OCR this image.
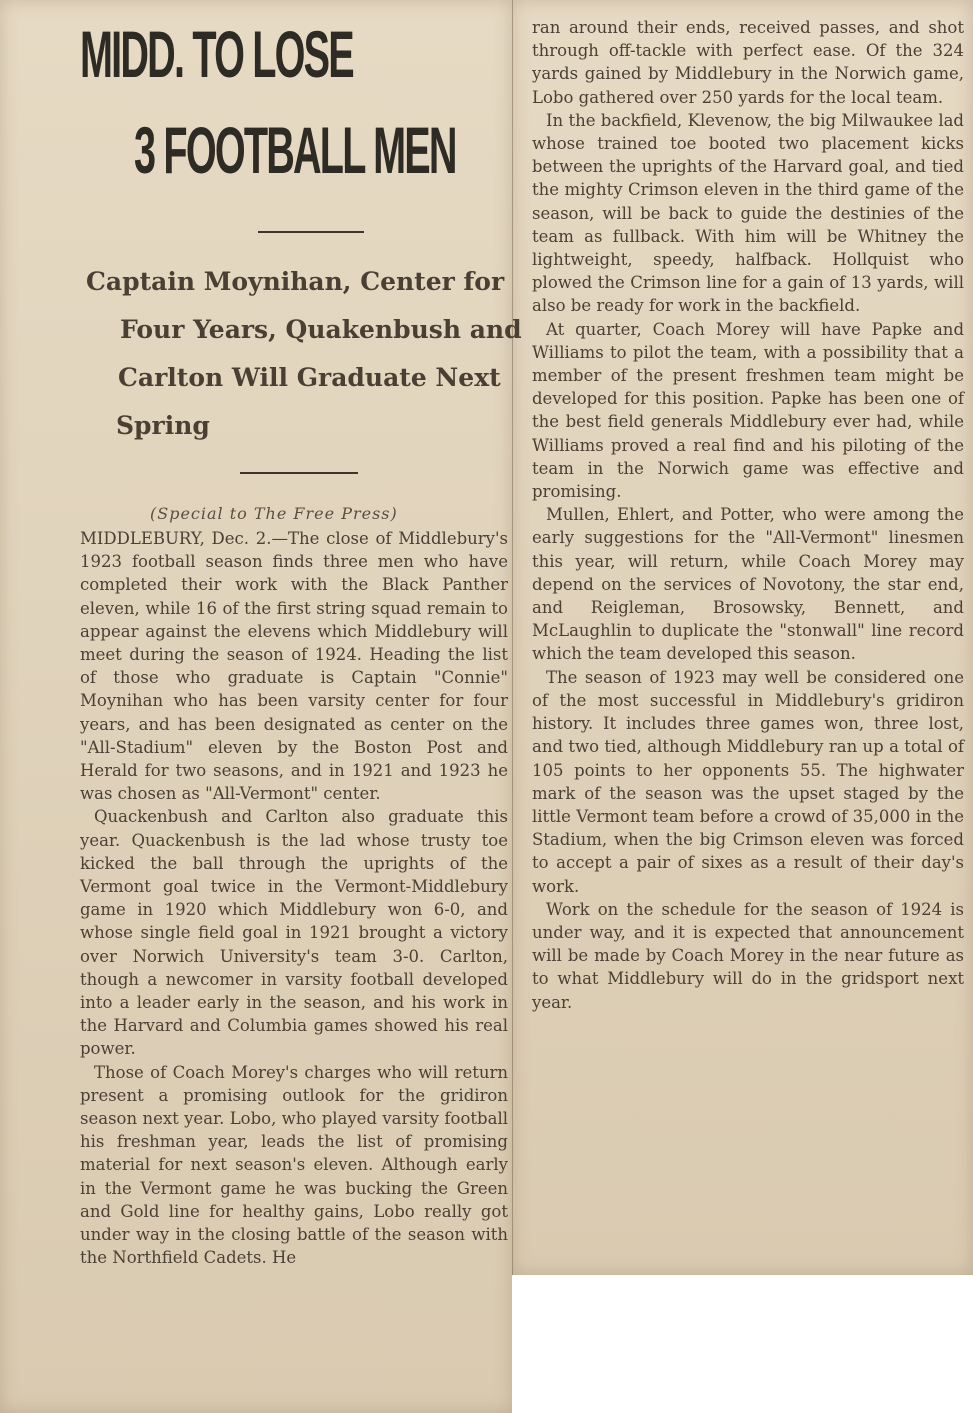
MIDD. TO LOSE
3 FOOTBALL MEN
Captain Moynihan, Center for
Four Years, Quakenbush and
Carlton Will Graduate Next
Spring
(Special to The Free Press)

MIDDLEBURY, Dec. 2.—The close of Middlebury's 1923 football season finds three men who have completed their work with the Black Panther eleven, while 16 of the first string squad remain to appear against the elevens which Middlebury will meet during the season of 1924. Heading the list of those who graduate is Captain "Connie" Moynihan who has been varsity center for four years, and has been designated as center on the "All-Stadium" eleven by the Boston Post and Herald for two seasons, and in 1921 and 1923 he was chosen as "All-Vermont" center.

Quackenbush and Carlton also graduate this year. Quackenbush is the lad whose trusty toe kicked the ball through the uprights of the Vermont goal twice in the Vermont-Middlebury game in 1920 which Middlebury won 6-0, and whose single field goal in 1921 brought a victory over Norwich University's team 3-0. Carlton, though a newcomer in varsity football developed into a leader early in the season, and his work in the Harvard and Columbia games showed his real power.

Those of Coach Morey's charges who will return present a promising outlook for the gridiron season next year. Lobo, who played varsity football his freshman year, leads the list of promising material for next season's eleven. Although early in the Vermont game he was bucking the Green and Gold line for healthy gains, Lobo really got under way in the closing battle of the season with the Northfield Cadets. He

ran around their ends, received passes, and shot through off-tackle with perfect ease. Of the 324 yards gained by Middlebury in the Norwich game, Lobo gathered over 250 yards for the local team.

In the backfield, Klevenow, the big Milwaukee lad whose trained toe booted two placement kicks between the uprights of the Harvard goal, and tied the mighty Crimson eleven in the third game of the season, will be back to guide the destinies of the team as fullback. With him will be Whitney the lightweight, speedy, halfback. Hollquist who plowed the Crimson line for a gain of 13 yards, will also be ready for work in the backfield.

At quarter, Coach Morey will have Papke and Williams to pilot the team, with a possibility that a member of the present freshmen team might be developed for this position. Papke has been one of the best field generals Middlebury ever had, while Williams proved a real find and his piloting of the team in the Norwich game was effective and promising.

Mullen, Ehlert, and Potter, who were among the early suggestions for the "All-Vermont" linesmen this year, will return, while Coach Morey may depend on the services of Novotony, the star end, and Reigleman, Brosowsky, Bennett, and McLaughlin to duplicate the "stonwall" line record which the team developed this season.

The season of 1923 may well be considered one of the most successful in Middlebury's gridiron history. It includes three games won, three lost, and two tied, although Middlebury ran up a total of 105 points to her opponents 55. The highwater mark of the season was the upset staged by the little Vermont team before a crowd of 35,000 in the Stadium, when the big Crimson eleven was forced to accept a pair of sixes as a result of their day's work.

Work on the schedule for the season of 1924 is under way, and it is expected that announcement will be made by Coach Morey in the near future as to what Middlebury will do in the gridsport next year.
